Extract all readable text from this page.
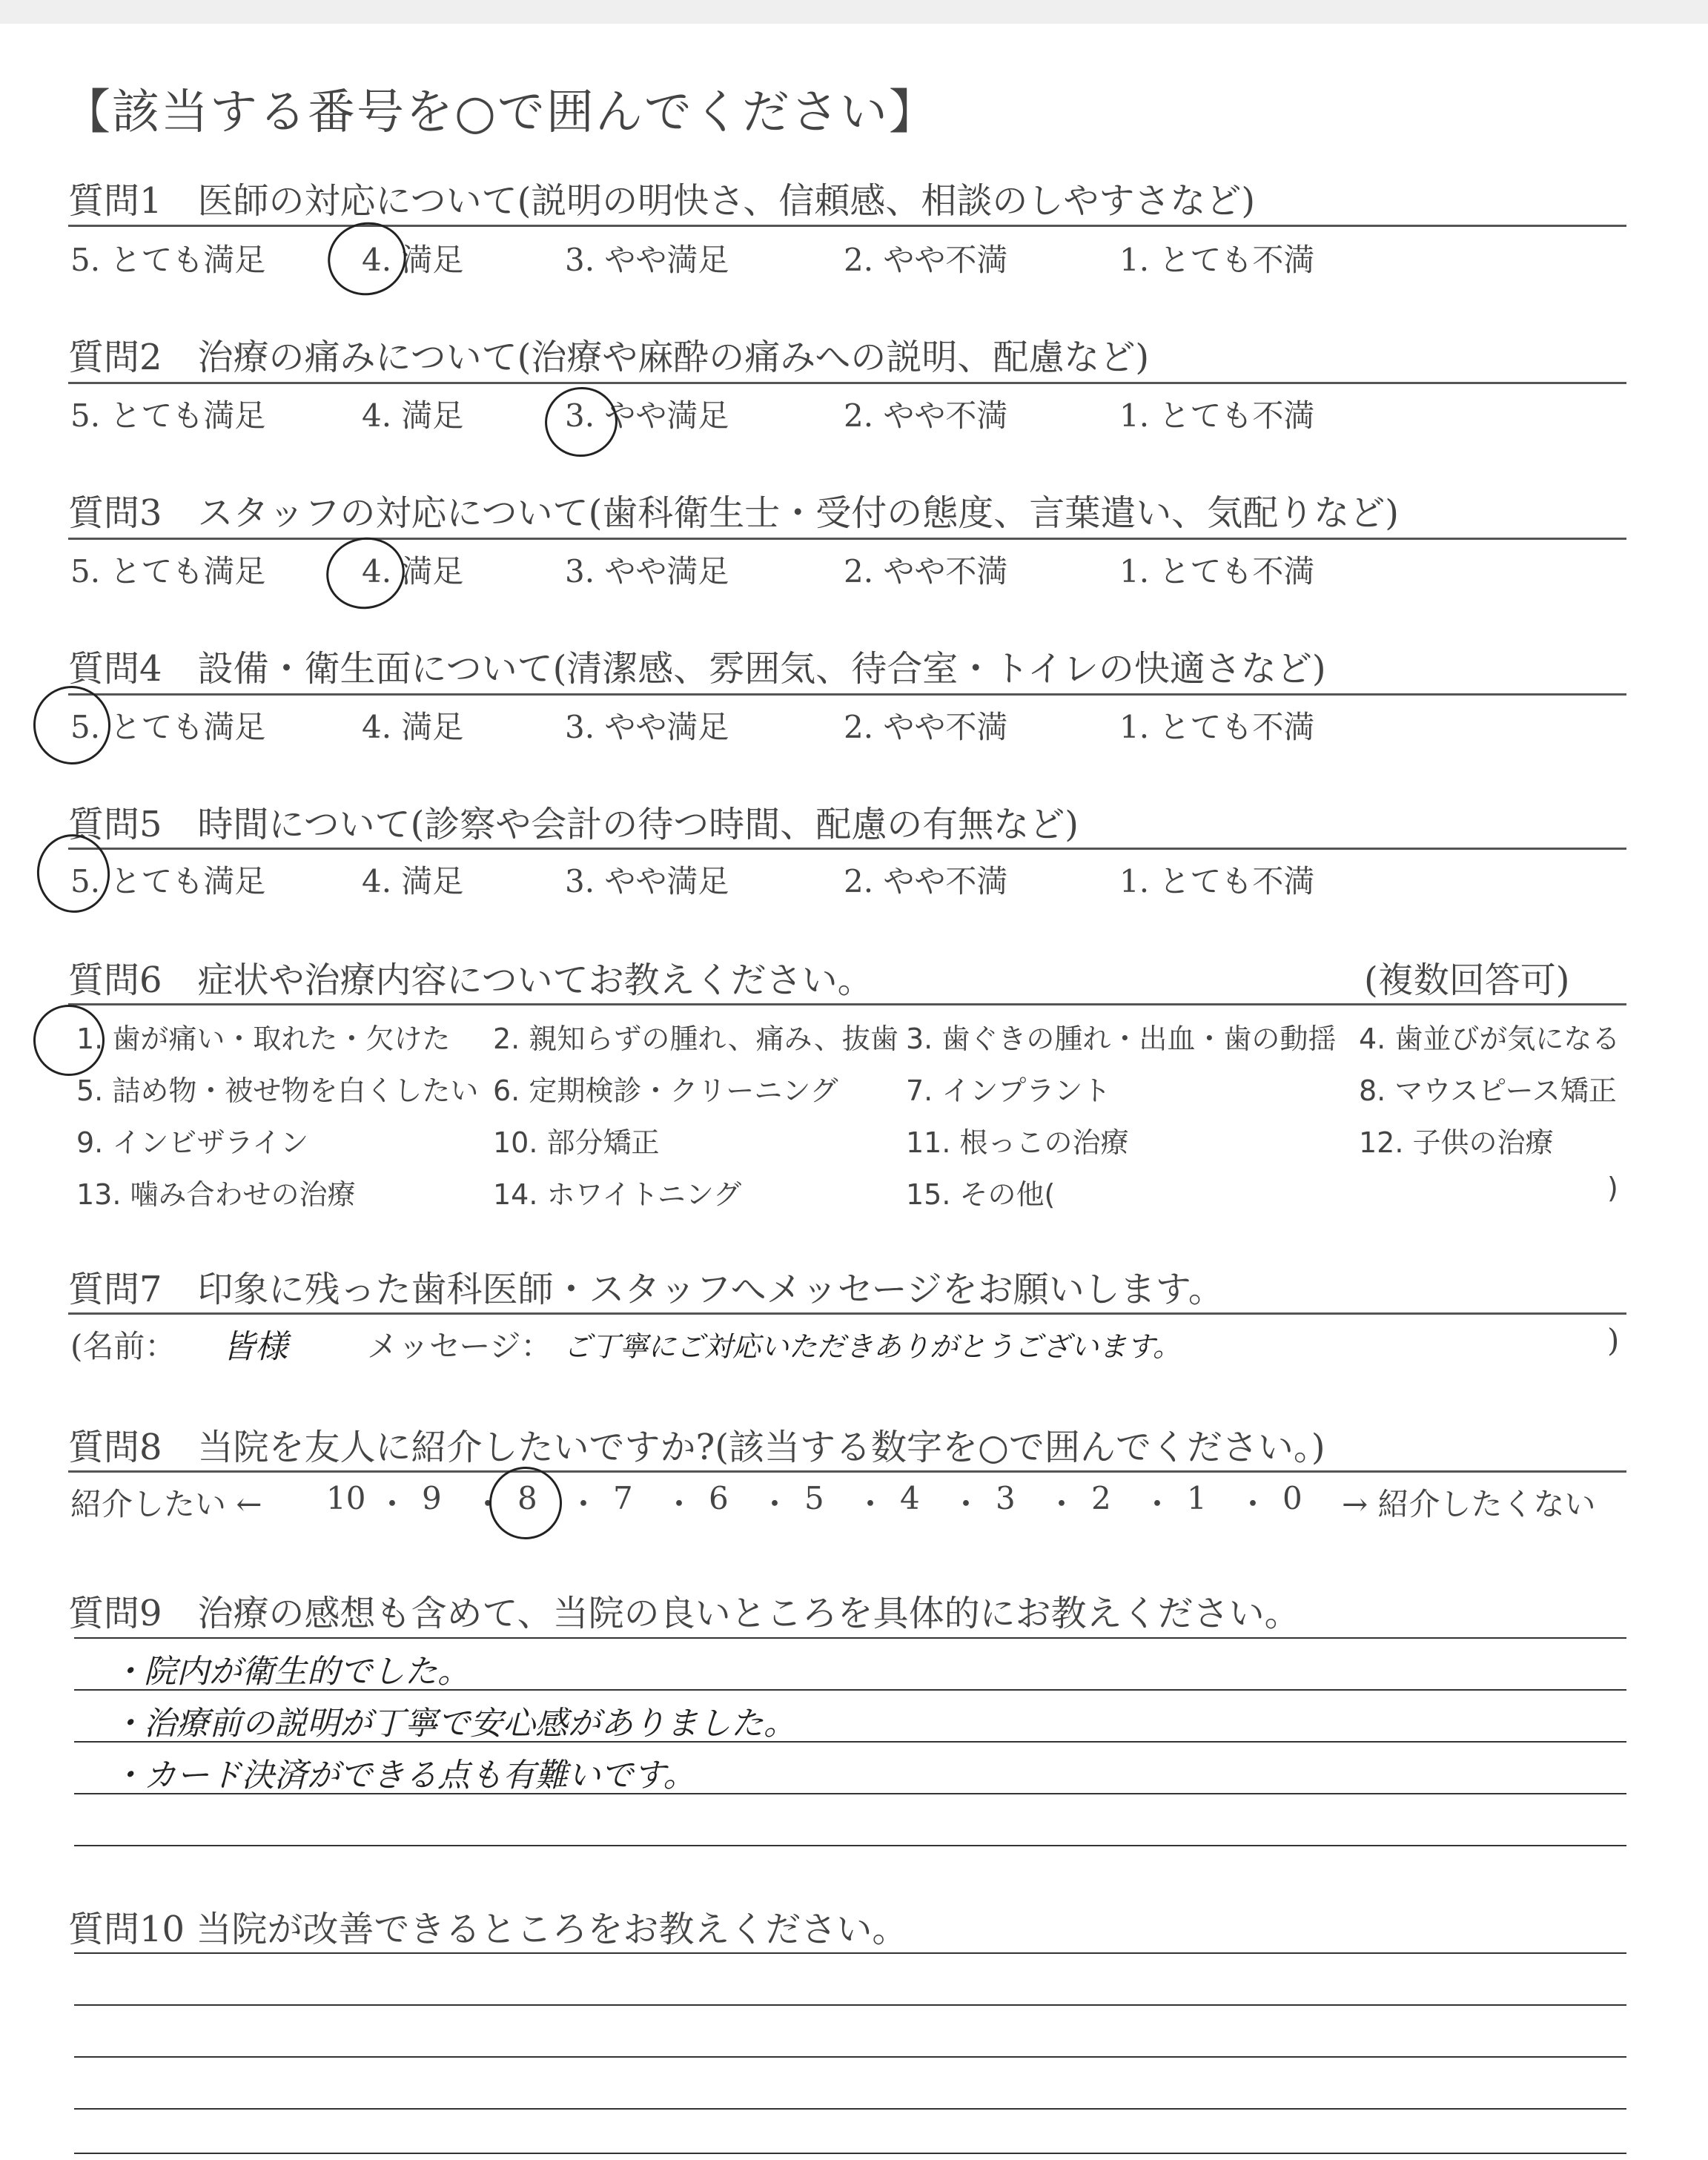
【該当する番号を○で囲んでください】
質問1　医師の対応について(説明の明快さ、信頼感、相談のしやすさなど)
5. とても満足	4. 満足	3. やや満足	2. やや不満	1. とても不満
質問2　治療の痛みについて(治療や麻酔の痛みへの説明、配慮など)
5. とても満足	4. 満足	3. やや満足	2. やや不満	1. とても不満
質問3　スタッフの対応について(歯科衛生士・受付の態度、言葉遣い、気配りなど)
5. とても満足	4. 満足	3. やや満足	2. やや不満	1. とても不満
質問4　設備・衛生面について(清潔感、雰囲気、待合室・トイレの快適さなど)
5. とても満足	4. 満足	3. やや満足	2. やや不満	1. とても不満
質問5　時間について(診察や会計の待つ時間、配慮の有無など)
5. とても満足	4. 満足	3. やや満足	2. やや不満	1. とても不満
質問6　症状や治療内容についてお教えください。	(複数回答可)
1. 歯が痛い・取れた・欠けた 2. 親知らずの腫れ、痛み、抜歯 3. 歯ぐきの腫れ・出血・歯の動揺 4. 歯並びが気になる
5. 詰め物・被せ物を白くしたい 6. 定期検診・クリーニング 7. インプラント	8. マウスピース矯正
9. インビザライン	10. 部分矯正	11. 根っこの治療	12. 子供の治療
13. 噛み合わせの治療	14. ホワイトニング	15. その他(	)
質問7　印象に残った歯科医師・スタッフへメッセージをお願いします。
(名前： 皆様	メッセージ： ご丁寧にご対応いただきありがとうございます。	)
質問8　当院を友人に紹介したいですか?(該当する数字を○で囲んでください。)
紹介したい ← 10 ・ 9 ・ 8 ・ 7 ・ 6 ・ 5 ・ 4 ・ 3 ・ 2 ・ 1 ・ 0 → 紹介したくない
質問9　治療の感想も含めて、当院の良いところを具体的にお教えください。
・院内が衛生的でした。
・治療前の説明が丁寧で安心感がありました。
・カード決済ができる点も有難いです。
質問10 当院が改善できるところをお教えください。
